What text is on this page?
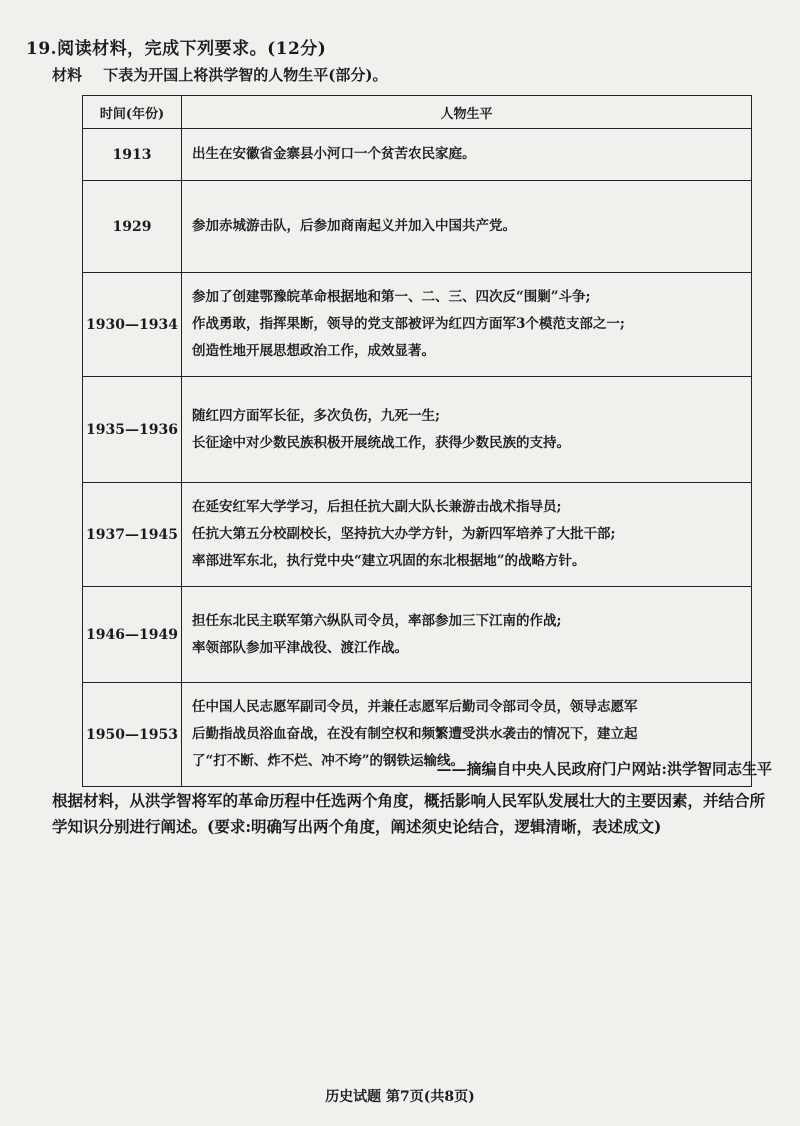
19.阅读材料，完成下列要求。(12分)
材料 下表为开国上将洪学智的人物生平(部分)。
时间(年份)	人物生平
1913	出生在安徽省金寨县小河口一个贫苦农民家庭。

1929	参加赤城游击队，后参加商南起义并加入中国共产党。

1930—1934	参加了创建鄂豫皖革命根据地和第一、二、三、四次反“围剿”斗争;
作战勇敢，指挥果断，领导的党支部被评为红四方面军3个模范支部之一;
创造性地开展思想政治工作，成效显著。

1935—1936	随红四方面军长征，多次负伤，九死一生;
长征途中对少数民族积极开展统战工作，获得少数民族的支持。

1937—1945	在延安红军大学学习，后担任抗大副大队长兼游击战术指导员;
任抗大第五分校副校长，坚持抗大办学方针，为新四军培养了大批干部;
率部进军东北，执行党中央“建立巩固的东北根据地”的战略方针。

1946—1949	担任东北民主联军第六纵队司令员，率部参加三下江南的作战;
率领部队参加平津战役、渡江作战。

1950—1953	任中国人民志愿军副司令员，并兼任志愿军后勤司令部司令员，领导志愿军
后勤指战员浴血奋战，在没有制空权和频繁遭受洪水袭击的情况下，建立起
了“打不断、炸不烂、冲不垮”的钢铁运输线。
——摘编自中央人民政府门户网站:洪学智同志生平
根据材料，从洪学智将军的革命历程中任选两个角度，概括影响人民军队发展壮大的主要因素，并结合所学知识分别进行阐述。(要求:明确写出两个角度，阐述须史论结合，逻辑清晰，表述成文)
历史试题 第7页(共8页)
